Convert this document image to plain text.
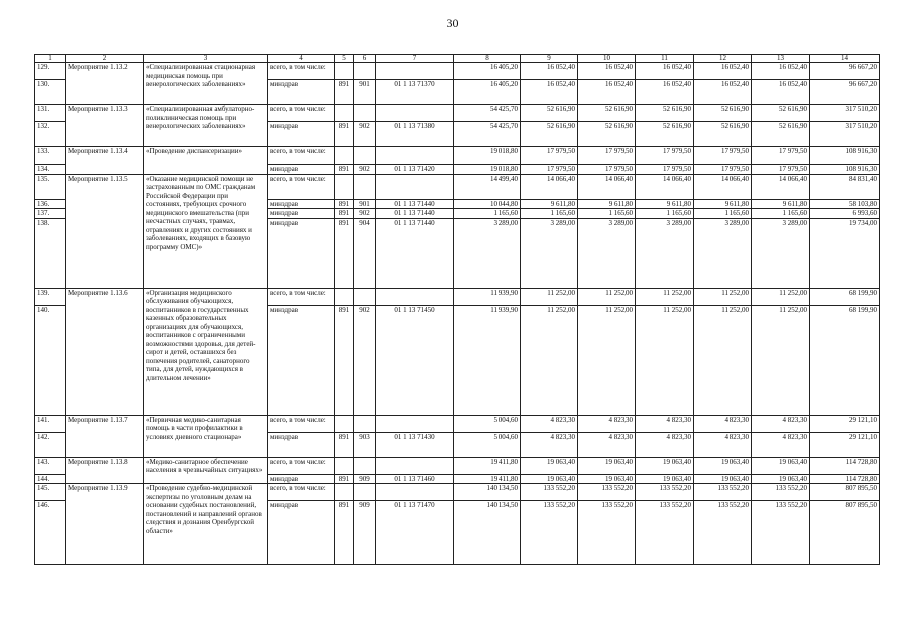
30
1	2	3	4	5	6	7	8	9	10	11	12	13	14
129.	Мероприятие 1.13.2	«Специализированная стационарная медицинская помощь при венерологических заболеваниях»	всего, в том числе:				16 405,20	16 052,40	16 052,40	16 052,40	16 052,40	16 052,40	96 667,20
130.			минздрав	891	901	01 1 13 71370	16 405,20	16 052,40	16 052,40	16 052,40	16 052,40	16 052,40	96 667,20
131.	Мероприятие 1.13.3	«Специализированная амбулаторно-поликлиническая помощь при венерологических заболеваниях»	всего, в том числе:				54 425,70	52 616,90	52 616,90	52 616,90	52 616,90	52 616,90	317 510,20
132.			минздрав	891	902	01 1 13 71380	54 425,70	52 616,90	52 616,90	52 616,90	52 616,90	52 616,90	317 510,20
133.	Мероприятие 1.13.4	«Проведение диспансеризации»	всего, в том числе:				19 018,80	17 979,50	17 979,50	17 979,50	17 979,50	17 979,50	108 916,30
134.			минздрав	891	902	01 1 13 71420	19 018,80	17 979,50	17 979,50	17 979,50	17 979,50	17 979,50	108 916,30
135.	Мероприятие 1.13.5	«Оказание медицинской помощи не застрахованным по ОМС гражданам Российской Федерации при состояниях, требующих срочного медицинского вмешательства (при несчастных случаях, травмах, отравлениях и других состояниях и заболеваниях, входящих в базовую программу ОМС)»	всего, в том числе:				14 499,40	14 066,40	14 066,40	14 066,40	14 066,40	14 066,40	84 831,40
136.			минздрав	891	901	01 1 13 71440	10 044,80	9 611,80	9 611,80	9 611,80	9 611,80	9 611,80	58 103,80
137.			минздрав	891	902	01 1 13 71440	1 165,60	1 165,60	1 165,60	1 165,60	1 165,60	1 165,60	6 993,60
138.			минздрав	891	904	01 1 13 71440	3 289,00	3 289,00	3 289,00	3 289,00	3 289,00	3 289,00	19 734,00
139.	Мероприятие 1.13.6	«Организация медицинского обслуживания обучающихся, воспитанников в государственных казенных образовательных организациях для обучающихся, воспитанников с ограниченными возможностями здоровья, для детей-сирот и детей, оставшихся без попечения родителей, санаторного типа, для детей, нуждающихся в длительном лечении»	всего, в том числе:				11 939,90	11 252,00	11 252,00	11 252,00	11 252,00	11 252,00	68 199,90
140.			минздрав	891	902	01 1 13 71450	11 939,90	11 252,00	11 252,00	11 252,00	11 252,00	11 252,00	68 199,90
141.	Мероприятие 1.13.7	«Первичная медико-санитарная помощь в части профилактики в условиях дневного стационара»	всего, в том числе:				5 004,60	4 823,30	4 823,30	4 823,30	4 823,30	4 823,30	29 121,10
142.			минздрав	891	903	01 1 13 71430	5 004,60	4 823,30	4 823,30	4 823,30	4 823,30	4 823,30	29 121,10
143.	Мероприятие 1.13.8	«Медико-санитарное обеспечение населения в чрезвычайных ситуациях»	всего, в том числе:				19 411,80	19 063,40	19 063,40	19 063,40	19 063,40	19 063,40	114 728,80
144.			минздрав	891	909	01 1 13 71460	19 411,80	19 063,40	19 063,40	19 063,40	19 063,40	19 063,40	114 728,80
145.	Мероприятие 1.13.9	«Проведение судебно-медицинской экспертизы по уголовным делам на основании судебных постановлений, постановлений и направлений органов следствия и дознания Оренбургской области»	всего, в том числе:				140 134,50	133 552,20	133 552,20	133 552,20	133 552,20	133 552,20	807 895,50
146.			минздрав	891	909	01 1 13 71470	140 134,50	133 552,20	133 552,20	133 552,20	133 552,20	133 552,20	807 895,50
